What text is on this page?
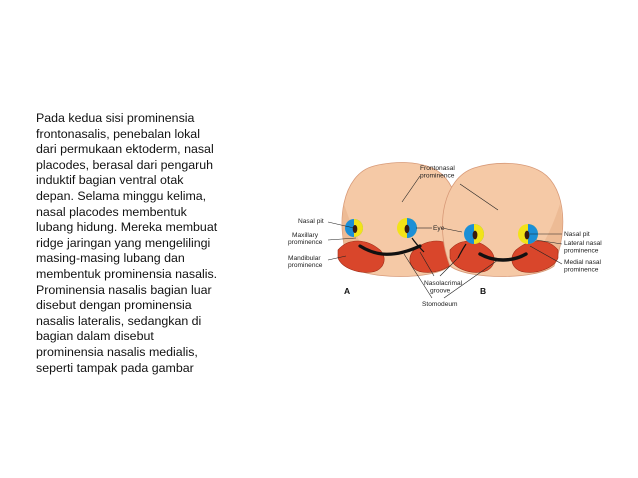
Pada kedua sisi prominensia
frontonasalis, penebalan lokal
dari permukaan ektoderm, nasal
placodes, berasal dari pengaruh
induktif bagian ventral otak
depan. Selama minggu kelima,
nasal placodes membentuk
lubang hidung. Mereka membuat
ridge jaringan yang mengelilingi
masing-masing lubang dan
membentuk prominensia nasalis.
Prominensia nasalis bagian luar
disebut dengan prominensia
nasalis lateralis, sedangkan di
bagian dalam disebut
prominensia nasalis medialis,
seperti tampak pada gambar
Frontonasal
prominence
Nasal pit
Maxillary
prominence
Mandibular
prominence
Eye
Nasal pit
Lateral nasal
prominence
Medial nasal
prominence
Nasolacrimal
groove
Stomodeum
A	B
